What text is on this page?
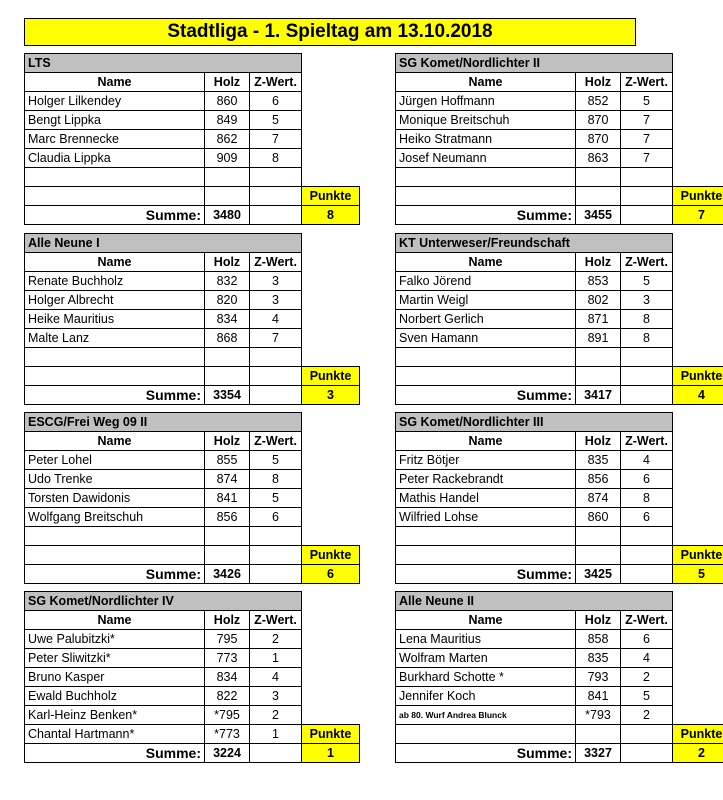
Stadtliga - 1. Spieltag am 13.10.2018
LTS			
Name	Holz	Z-Wert.	
Holger Lilkendey	860	6	
Bengt Lippka	849	5	
Marc Brennecke	862	7	
Claudia Lippka	909	8	

			Punkte
Summe:	3480		8
SG Komet/Nordlichter II			
Name	Holz	Z-Wert.	
Jürgen Hoffmann	852	5	
Monique Breitschuh	870	7	
Heiko Stratmann	870	7	
Josef Neumann	863	7	

			Punkte
Summe:	3455		7
Alle Neune I			
Name	Holz	Z-Wert.	
Renate Buchholz	832	3	
Holger Albrecht	820	3	
Heike Mauritius	834	4	
Malte Lanz	868	7	

			Punkte
Summe:	3354		3
KT Unterweser/Freundschaft			
Name	Holz	Z-Wert.	
Falko Jörend	853	5	
Martin Weigl	802	3	
Norbert Gerlich	871	8	
Sven Hamann	891	8	

			Punkte
Summe:	3417		4
ESCG/Frei Weg 09 II			
Name	Holz	Z-Wert.	
Peter Lohel	855	5	
Udo Trenke	874	8	
Torsten Dawidonis	841	5	
Wolfgang Breitschuh	856	6	

			Punkte
Summe:	3426		6
SG Komet/Nordlichter III			
Name	Holz	Z-Wert.	
Fritz Bötjer	835	4	
Peter Rackebrandt	856	6	
Mathis Handel	874	8	
Wilfried Lohse	860	6	

			Punkte
Summe:	3425		5
SG Komet/Nordlichter IV			
Name	Holz	Z-Wert.	
Uwe Palubitzki*	795	2	
Peter Sliwitzki*	773	1	
Bruno Kasper	834	4	
Ewald Buchholz	822	3	
Karl-Heinz Benken*	*795	2	
Chantal Hartmann*	*773	1	Punkte
Summe:	3224		1
Alle Neune II			
Name	Holz	Z-Wert.	
Lena Mauritius	858	6	
Wolfram Marten	835	4	
Burkhard Schotte *	793	2	
Jennifer Koch	841	5	
ab 80. Wurf Andrea Blunck	*793	2	
			Punkte
Summe:	3327		2
